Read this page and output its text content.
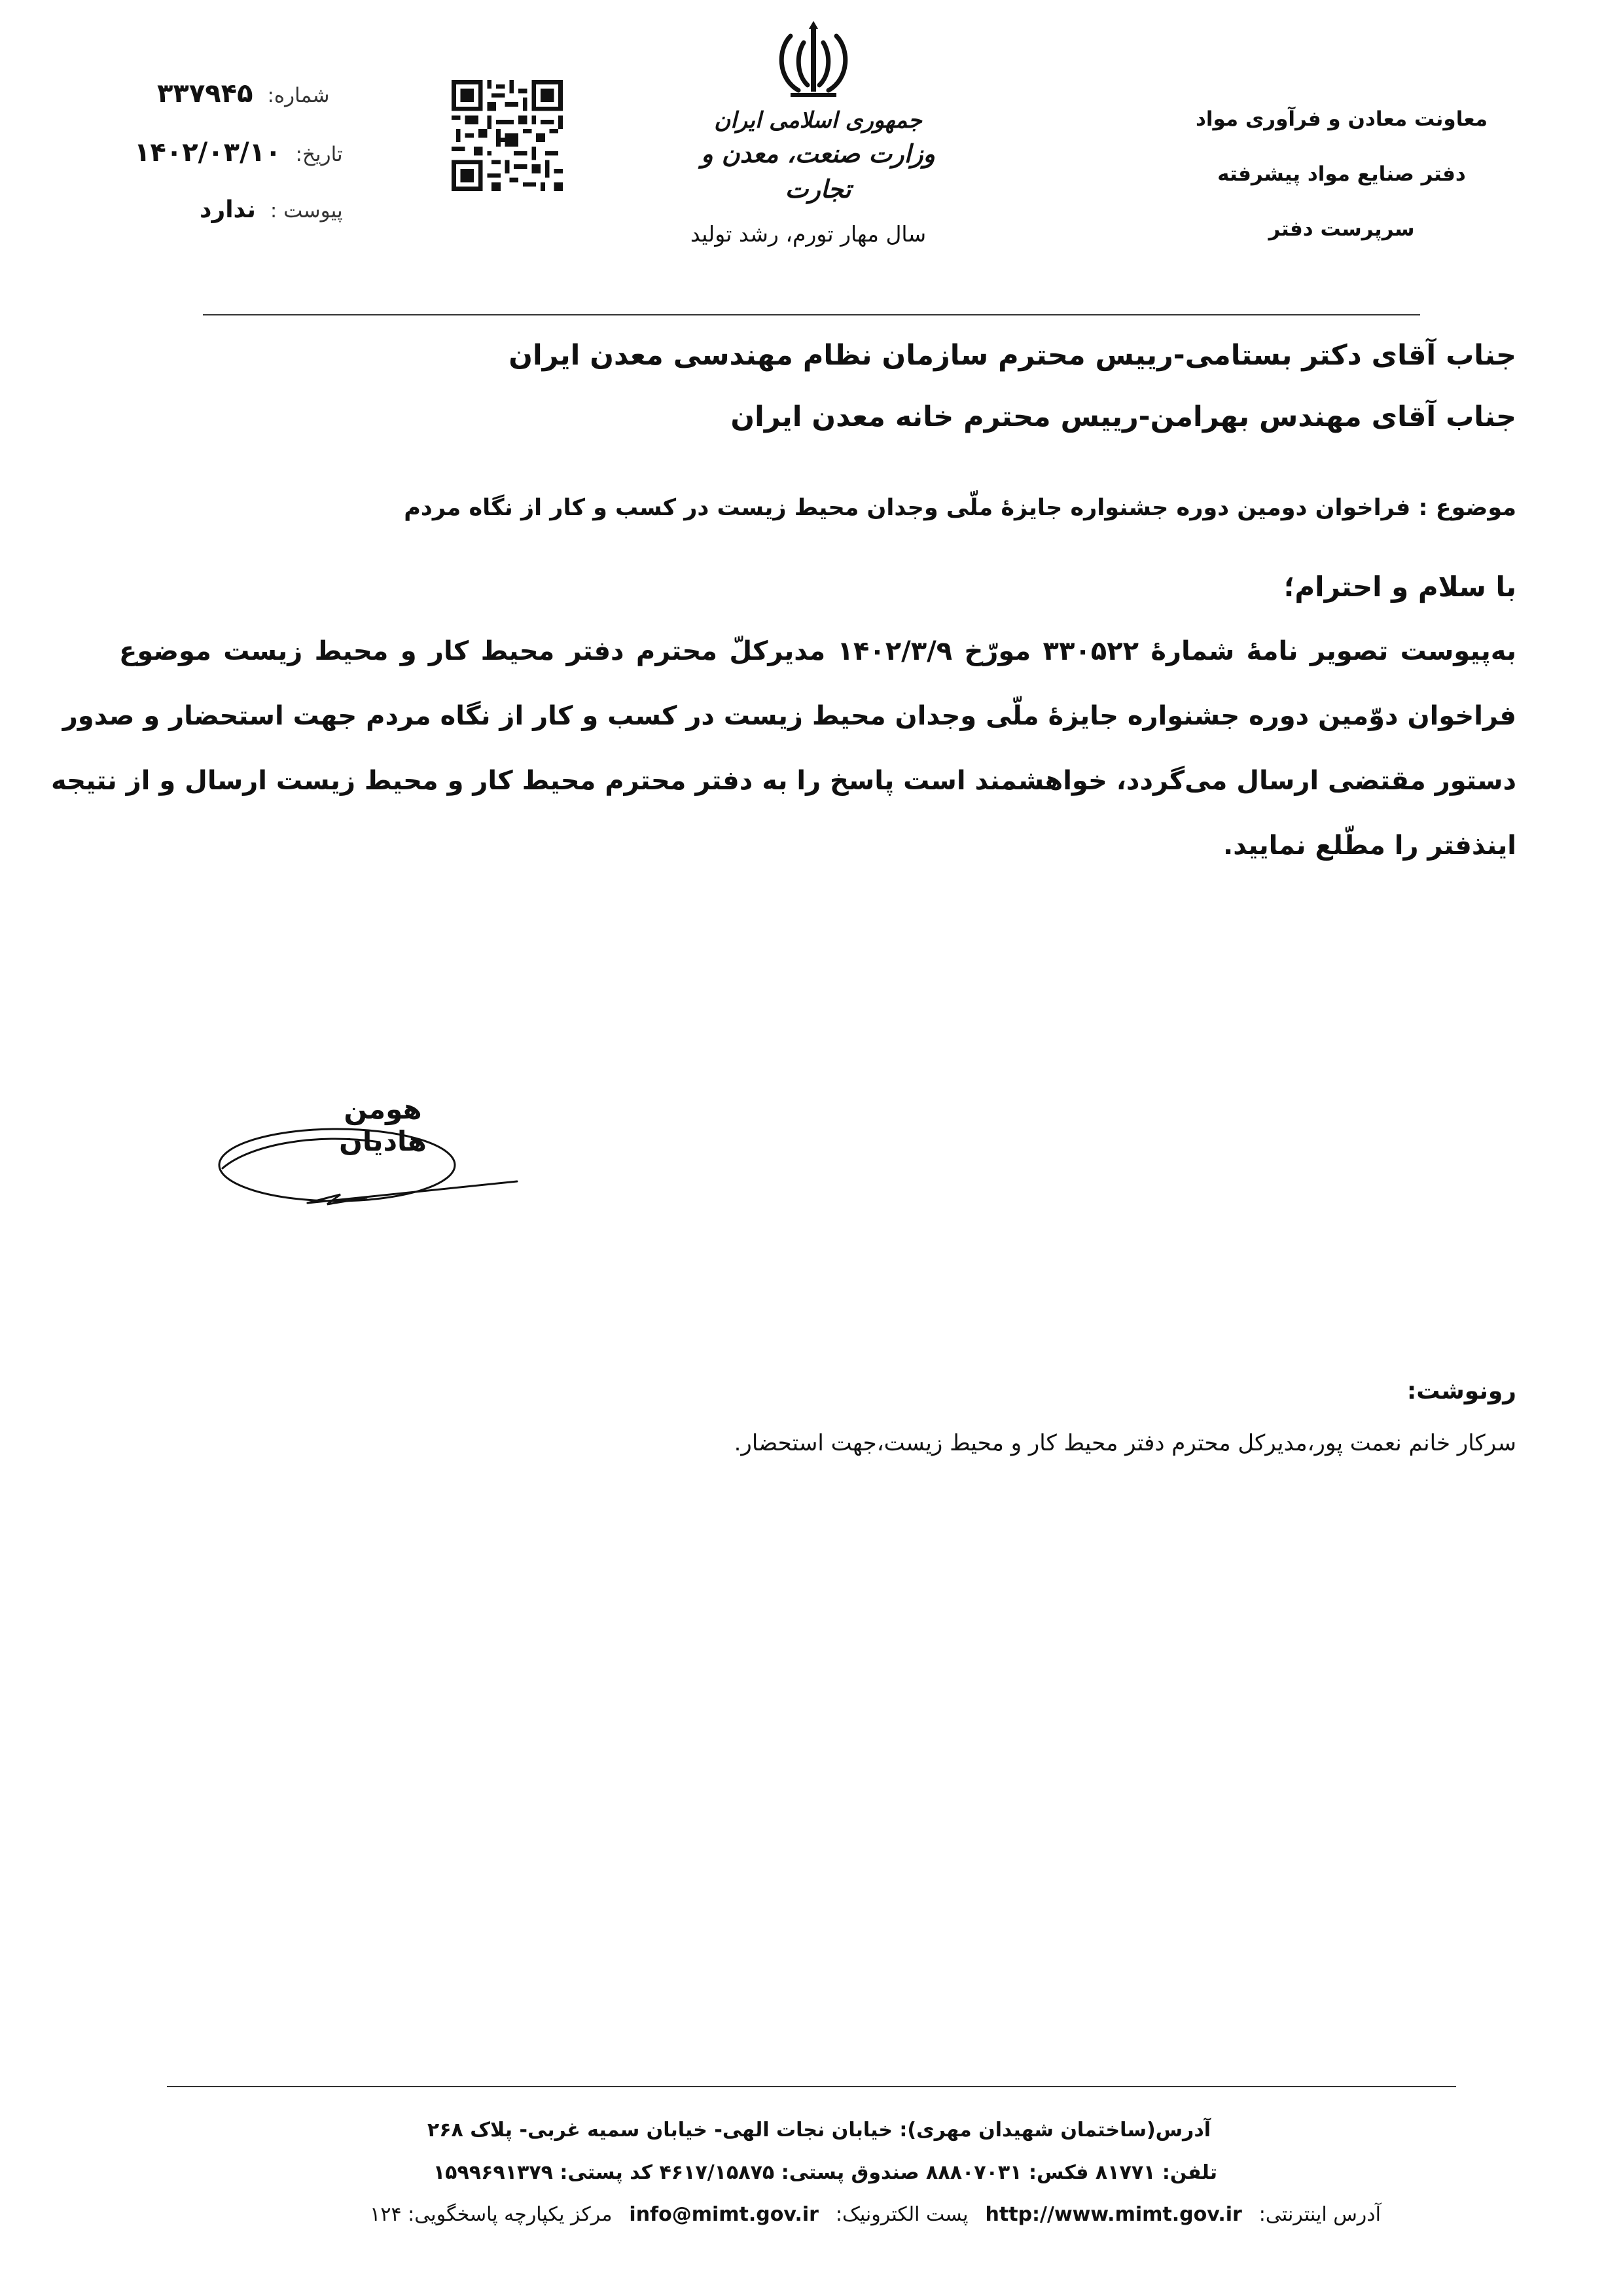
معاونت معادن و فرآوری مواد
دفتر صنایع مواد پیشرفته
سرپرست دفتر
جمهوری اسلامی ایران
وزارت صنعت، معدن و تجارت
سال مهار تورم، رشد تولید
شماره:
۳۳۷۹۴۵
تاریخ:
۱۴۰۲/۰۳/۱۰
پیوست :
ندارد
جناب آقای دکتر بستامی-رییس محترم سازمان نظام مهندسی معدن ایران
جناب آقای مهندس بهرامن-رییس محترم خانه معدن ایران
موضوع : فراخوان دومین دوره جشنواره جایزۀ ملّی وجدان محیط زیست در کسب و کار از نگاه مردم
با سلام و احترام؛
به‌پیوست تصویر نامۀ شمارۀ ۳۳۰۵۲۲ مورّخ ۱۴۰۲/۳/۹ مدیرکلّ محترم دفتر محیط کار و محیط زیست موضوع
فراخوان دوّمین دوره جشنواره جایزۀ ملّی وجدان محیط زیست در کسب و کار از نگاه مردم جهت استحضار و صدور
دستور مقتضی ارسال می‌گردد، خواهشمند است پاسخ را به دفتر محترم محیط کار و محیط زیست ارسال و از نتیجه
اینذفتر را مطّلع نمایید.
هومن هادیان
رونوشت:
سرکار خانم نعمت پور،مدیرکل محترم دفتر محیط کار و محیط زیست،جهت استحضار.
آدرس(ساختمان شهیدان مهری): خیابان نجات الهی- خیابان سمیه غربی- پلاک ۲۶۸
تلفن: ۸۱۷۷۱ فکس: ۸۸۸۰۷۰۳۱ صندوق پستی: ۴۶۱۷/۱۵۸۷۵ کد پستی: ۱۵۹۹۶۹۱۳۷۹
آدرس اینترنتی:
http://www.mimt.gov.ir
پست الکترونیک:
info@mimt.gov.ir
مرکز یکپارچه پاسخگویی: ۱۲۴
